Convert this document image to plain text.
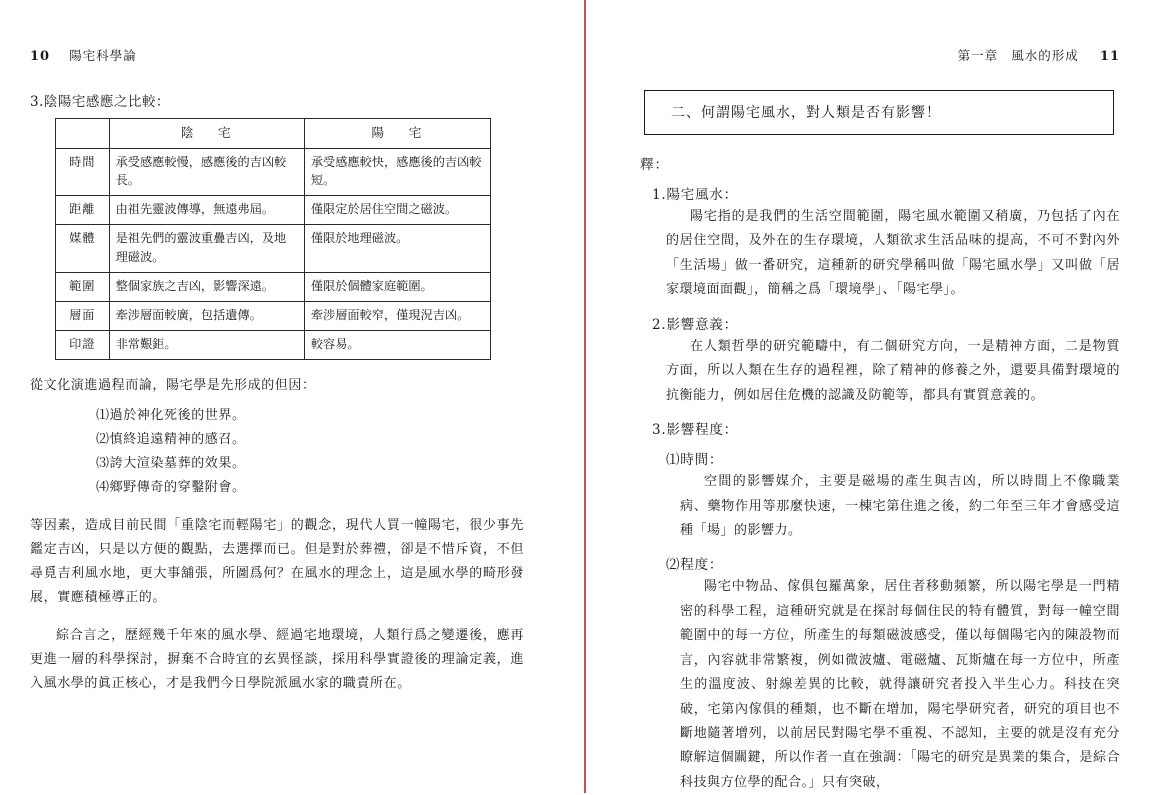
10 陽宅科學論
3.陰陽宅感應之比較：
	陰　宅	陽　宅
時間	承受感應較慢，感應後的吉凶較長。	承受感應較快，感應後的吉凶較短。
距離	由祖先靈波傳導，無遠弗屆。	僅限定於居住空間之磁波。
媒體	是祖先們的靈波重疊吉凶，及地理磁波。	僅限於地理磁波。
範圍	整個家族之吉凶，影響深遠。	僅限於個體家庭範圍。
層面	牽涉層面較廣，包括遺傳。	牽涉層面較窄，僅現況吉凶。
印證	非常艱鉅。	較容易。

從文化演進過程而論，陽宅學是先形成的但因：

⑴過於神化死後的世界。
⑵慎終追遠精神的感召。
⑶誇大渲染墓葬的效果。
⑷鄉野傳奇的穿鑿附會。

等因素，造成目前民間「重陰宅而輕陽宅」的觀念，現代人買一幢陽宅，很少事先鑑定吉凶，只是以方便的觀點，去選擇而已。但是對於葬禮，卻是不惜斥資，不但尋覓吉利風水地，更大事舖張，所圖爲何？在風水的理念上，這是風水學的畸形發展，實應積極導正的。

綜合言之，歷經幾千年來的風水學、經過宅地環境，人類行爲之變遷後，應再更進一層的科學探討，摒棄不合時宜的玄異怪談，採用科學實證後的理論定義，進入風水學的眞正核心，才是我們今日學院派風水家的職責所在。

第一章 風水的形成 11
二、何謂陽宅風水，對人類是否有影響！
釋：
1.陽宅風水：

陽宅指的是我們的生活空間範圍，陽宅風水範圍又稍廣，乃包括了內在的居住空間，及外在的生存環境，人類欲求生活品味的提高，不可不對內外「生活場」做一番研究，這種新的研究學稱叫做「陽宅風水學」又叫做「居家環境面面觀」，簡稱之爲「環境學」、「陽宅學」。

2.影響意義：

在人類哲學的研究範疇中，有二個研究方向，一是精神方面，二是物質方面，所以人類在生存的過程裡，除了精神的修養之外，還要具備對環境的抗衡能力，例如居住危機的認識及防範等，都具有實質意義的。

3.影響程度：
⑴時間：

空間的影響媒介，主要是磁場的產生與吉凶，所以時間上不像職業病、藥物作用等那麼快速，一棟宅第住進之後，約二年至三年才會感受這種「場」的影響力。

⑵程度：

陽宅中物品、傢俱包羅萬象，居住者移動頻繁，所以陽宅學是一門精密的科學工程，這種研究就是在探討每個住民的特有體質，對每一幢空間範圍中的每一方位，所產生的每類磁波感受，僅以每個陽宅內的陳設物而言，內容就非常繁複，例如微波爐、電磁爐、瓦斯爐在每一方位中，所產生的溫度波、射線差異的比較，就得讓研究者投入半生心力。科技在突破，宅第內傢俱的種類，也不斷在增加，陽宅學研究者，研究的項目也不斷地隨著增列，以前居民對陽宅學不重視、不認知，主要的就是沒有充分瞭解這個關鍵，所以作者一直在強調：「陽宅的研究是異業的集合，是綜合科技與方位學的配合。」只有突破，
